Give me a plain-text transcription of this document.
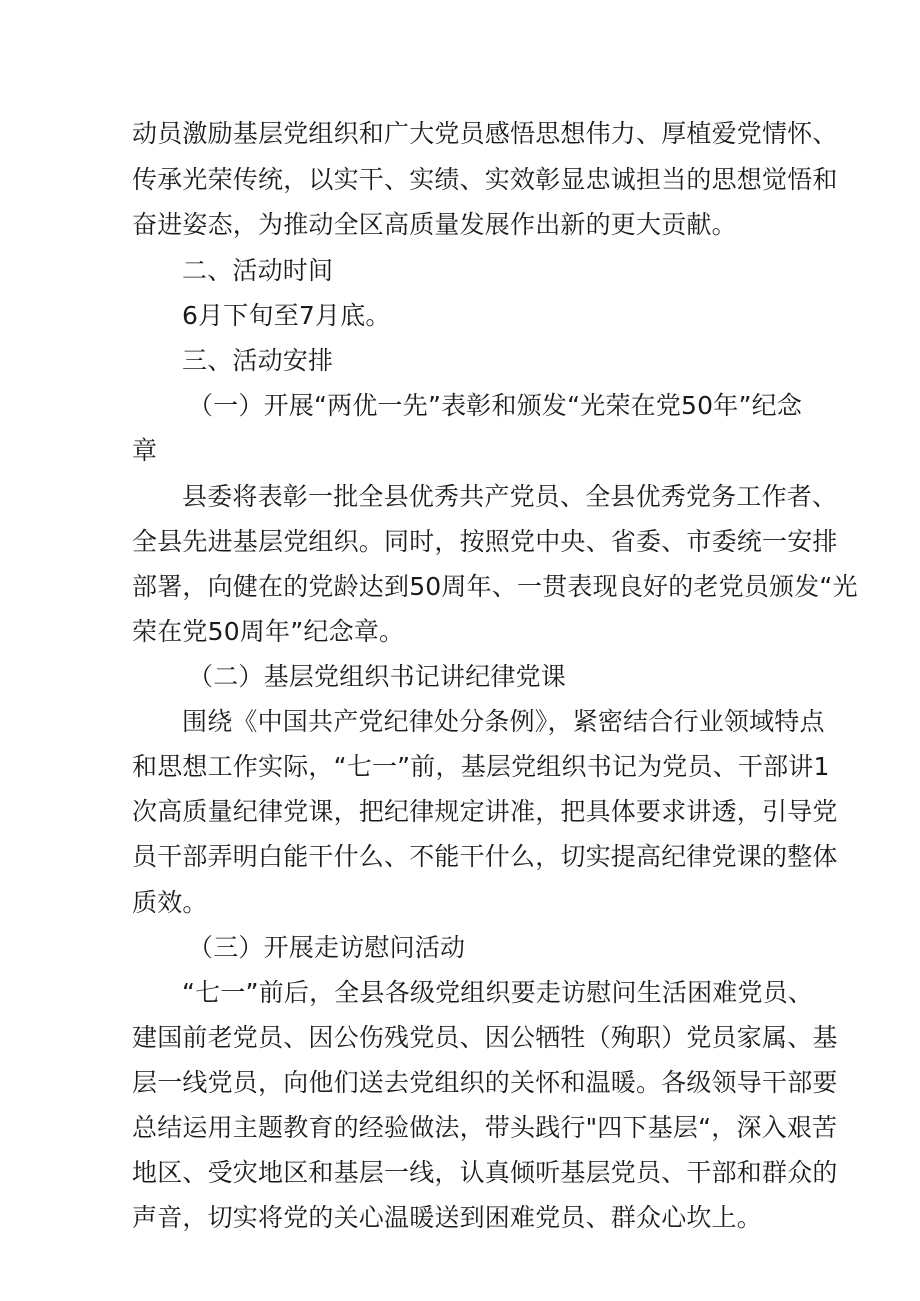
动员激励基层党组织和广大党员感悟思想伟力、厚植爱党情怀、
传承光荣传统，以实干、实绩、实效彰显忠诚担当的思想觉悟和
奋进姿态，为推动全区高质量发展作出新的更大贡献。
二、活动时间
6月下旬至7月底。
三、活动安排
（一）开展“两优一先”表彰和颁发“光荣在党50年”纪念
章
县委将表彰一批全县优秀共产党员、全县优秀党务工作者、
全县先进基层党组织。同时，按照党中央、省委、市委统一安排
部署，向健在的党龄达到50周年、一贯表现良好的老党员颁发“光
荣在党50周年”纪念章。
（二）基层党组织书记讲纪律党课
围绕《中国共产党纪律处分条例》，紧密结合行业领域特点
和思想工作实际，“七一”前，基层党组织书记为党员、干部讲1
次高质量纪律党课，把纪律规定讲准，把具体要求讲透，引导党
员干部弄明白能干什么、不能干什么，切实提高纪律党课的整体
质效。
（三）开展走访慰问活动
“七一”前后，全县各级党组织要走访慰问生活困难党员、
建国前老党员、因公伤残党员、因公牺牲（殉职）党员家属、基
层一线党员，向他们送去党组织的关怀和温暖。各级领导干部要
总结运用主题教育的经验做法，带头践行"四下基层“，深入艰苦
地区、受灾地区和基层一线，认真倾听基层党员、干部和群众的
声音，切实将党的关心温暖送到困难党员、群众心坎上。
